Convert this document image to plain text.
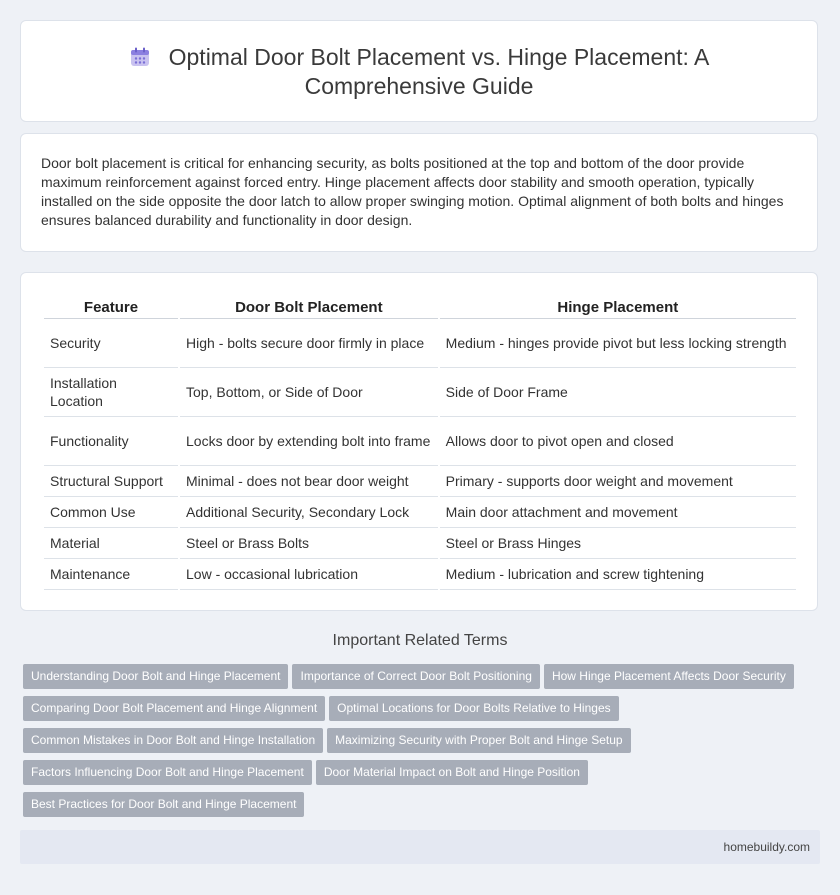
Optimal Door Bolt Placement vs. Hinge Placement: A
Comprehensive Guide

Door bolt placement is critical for enhancing security, as bolts positioned at the top and bottom of the door provide maximum reinforcement against forced entry. Hinge placement affects door stability and smooth operation, typically installed on the side opposite the door latch to allow proper swinging motion. Optimal alignment of both bolts and hinges ensures balanced durability and functionality in door design.

Feature	Door Bolt Placement	Hinge Placement
Security	High - bolts secure door firmly in place	Medium - hinges provide pivot but less locking strength
Installation Location	Top, Bottom, or Side of Door	Side of Door Frame
Functionality	Locks door by extending bolt into frame	Allows door to pivot open and closed
Structural Support	Minimal - does not bear door weight	Primary - supports door weight and movement
Common Use	Additional Security, Secondary Lock	Main door attachment and movement
Material	Steel or Brass Bolts	Steel or Brass Hinges
Maintenance	Low - occasional lubrication	Medium - lubrication and screw tightening
Important Related Terms
Understanding Door Bolt and Hinge Placement Importance of Correct Door Bolt Positioning How Hinge Placement Affects Door Security
Comparing Door Bolt Placement and Hinge Alignment Optimal Locations for Door Bolts Relative to Hinges
Common Mistakes in Door Bolt and Hinge Installation Maximizing Security with Proper Bolt and Hinge Setup
Factors Influencing Door Bolt and Hinge Placement Door Material Impact on Bolt and Hinge Position
Best Practices for Door Bolt and Hinge Placement
homebuildy.com
